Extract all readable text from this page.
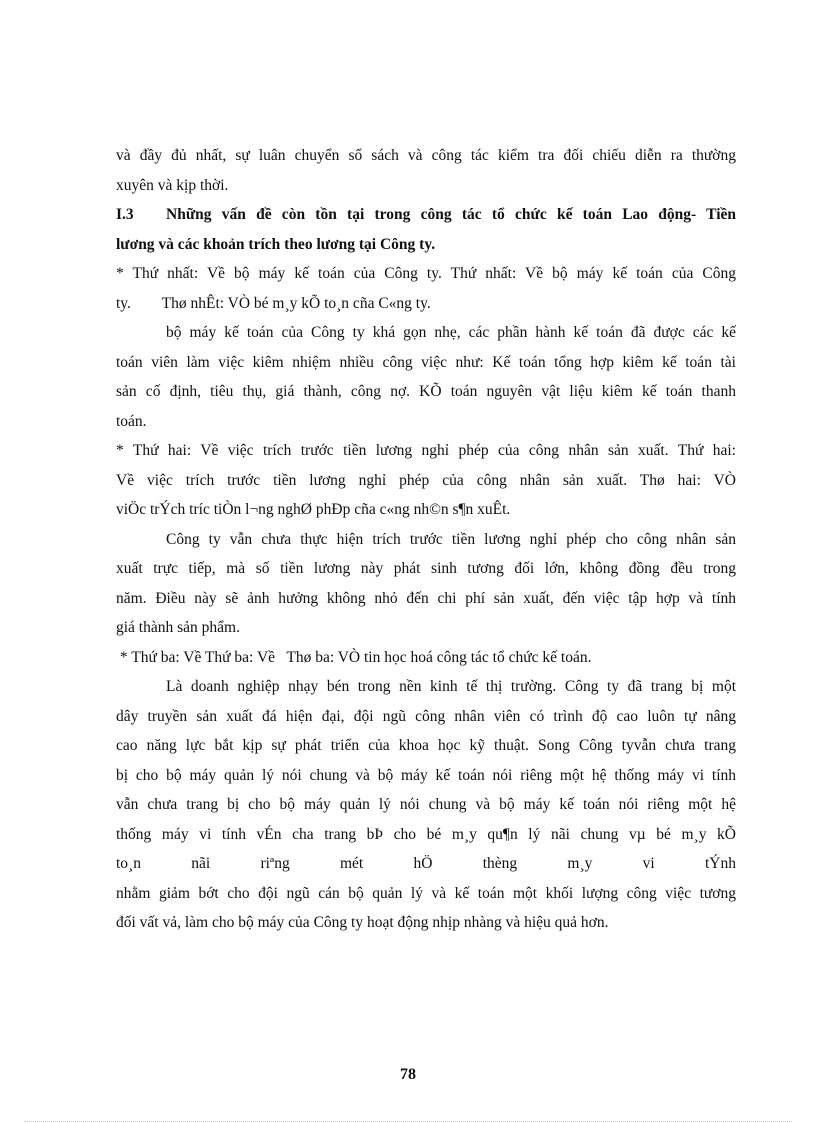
và đầy đủ nhất, sự luân chuyển sổ sách và công tác kiểm tra đối chiếu diễn ra thường
xuyên và kịp thời.
I.3 Những vấn đề còn tồn tại trong công tác tổ chức kế toán Lao động- Tiền
lương và các khoản trích theo lương tại Công ty.
* Thứ nhất: Về bộ máy kế toán của Công ty. Thứ nhất: Về bộ máy kế toán của Công
ty.        Thø nhÊt: VÒ bé m¸y kÕ to¸n cña C«ng ty.
bộ máy kế toán của Công ty khá gọn nhẹ, các phần hành kế toán đã được các kế
toán viên làm việc kiêm nhiệm nhiều công việc như: Kế toán tổng hợp kiêm kế toán tài
sản cố định, tiêu thụ, giá thành, công nợ. KÕ toán nguyên vật liệu kiêm kế toán thanh
toán.
* Thứ hai: Về việc trích trước tiền lương nghỉ phép của công nhân sản xuất. Thứ hai:
Về việc trích trước tiền lương nghỉ phép của công nhân sản xuất. Thø hai: VÒ
viÖc trÝch tríc tiÒn l¬ng nghØ phÐp cña c«ng nh©n s¶n xuÊt.
Công ty vẫn chưa thực hiện trích trước tiền lương nghỉ phép cho công nhân sản
xuất trực tiếp, mà số tiền lương này phát sinh tương đối lớn, không đồng đều trong
năm. Điều này sẽ ảnh hưởng không nhỏ đến chi phí sản xuất, đến việc tập hợp và tính
giá thành sản phẩm.
* Thứ ba: Về Thứ ba: Về   Thø ba: VÒ tin học hoá công tác tổ chức kế toán.
Là doanh nghiệp nhạy bén trong nền kinh tế thị trường. Công ty đã trang bị một
dây truyền sản xuất đá hiện đại, đội ngũ công nhân viên có trình độ cao luôn tự nâng
cao năng lực bắt kịp sự phát triển của khoa học kỹ thuật. Song Công tyvẫn chưa trang
bị cho bộ máy quản lý nói chung và bộ máy kế toán nói riêng một hệ thống máy vi tính
vẫn chưa trang bị cho bộ máy quản lý nói chung và bộ máy kế toán nói riêng một hệ
thống máy vi tính vÉn cha trang bÞ cho bé m¸y qu¶n lý nãi chung vµ bé m¸y kÕ
to¸n nãi riªng mét hÖ thèng m¸y vi tÝnh
nhằm giảm bớt cho đội ngũ cán bộ quản lý và kế toán một khối lượng công việc tương
đối vất vả, làm cho bộ máy của Công ty hoạt động nhịp nhàng và hiệu quả hơn.
78
